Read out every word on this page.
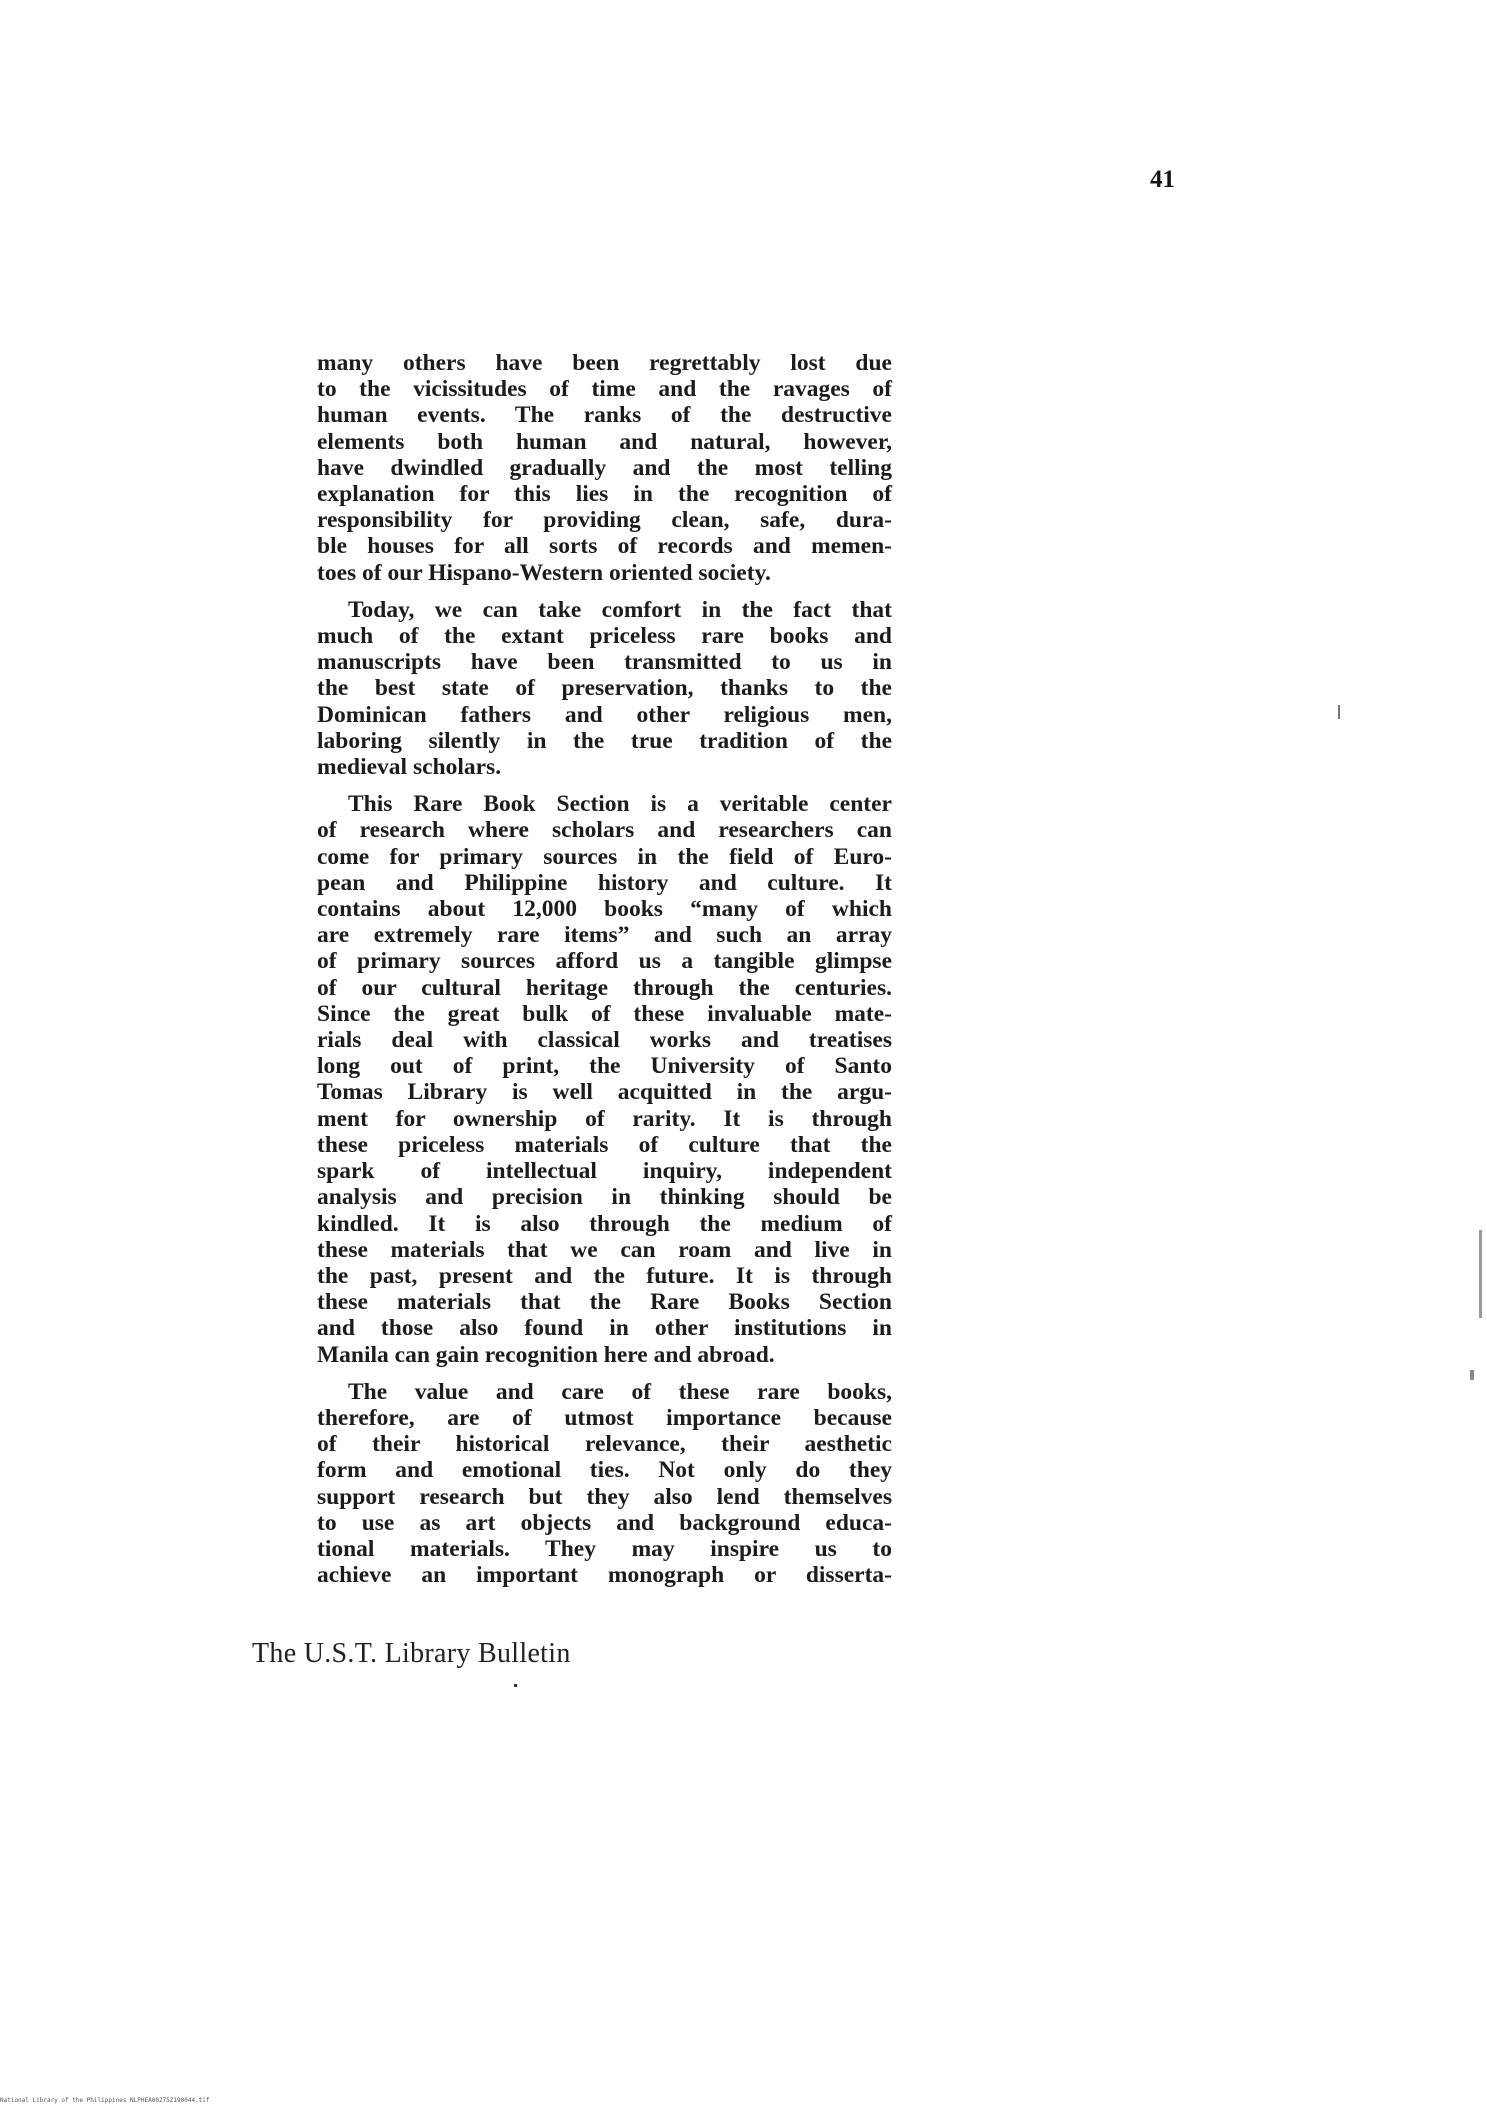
41

many others have been regrettably lost due
to the vicissitudes of time and the ravages of
human events. The ranks of the destructive
elements both human and natural, however,
have dwindled gradually and the most telling
explanation for this lies in the recognition of
responsibility for providing clean, safe, dura-
ble houses for all sorts of records and memen-
toes of our Hispano-Western oriented society.

Today, we can take comfort in the fact that
much of the extant priceless rare books and
manuscripts have been transmitted to us in
the best state of preservation, thanks to the
Dominican fathers and other religious men,
laboring silently in the true tradition of the
medieval scholars.

This Rare Book Section is a veritable center
of research where scholars and researchers can
come for primary sources in the field of Euro-
pean and Philippine history and culture. It
contains about 12,000 books “many of which
are extremely rare items” and such an array
of primary sources afford us a tangible glimpse
of our cultural heritage through the centuries.
Since the great bulk of these invaluable mate-
rials deal with classical works and treatises
long out of print, the University of Santo
Tomas Library is well acquitted in the argu-
ment for ownership of rarity. It is through
these priceless materials of culture that the
spark of intellectual inquiry, independent
analysis and precision in thinking should be
kindled. It is also through the medium of
these materials that we can roam and live in
the past, present and the future. It is through
these materials that the Rare Books Section
and those also found in other institutions in
Manila can gain recognition here and abroad.

The value and care of these rare books,
therefore, are of utmost importance because
of their historical relevance, their aesthetic
form and emotional ties. Not only do they
support research but they also lend themselves
to use as art objects and background educa-
tional materials. They may inspire us to
achieve an important monograph or disserta-

The U.S.T. Library Bulletin
National Library of the Philippines NLPHEA00275Z190044.tif
